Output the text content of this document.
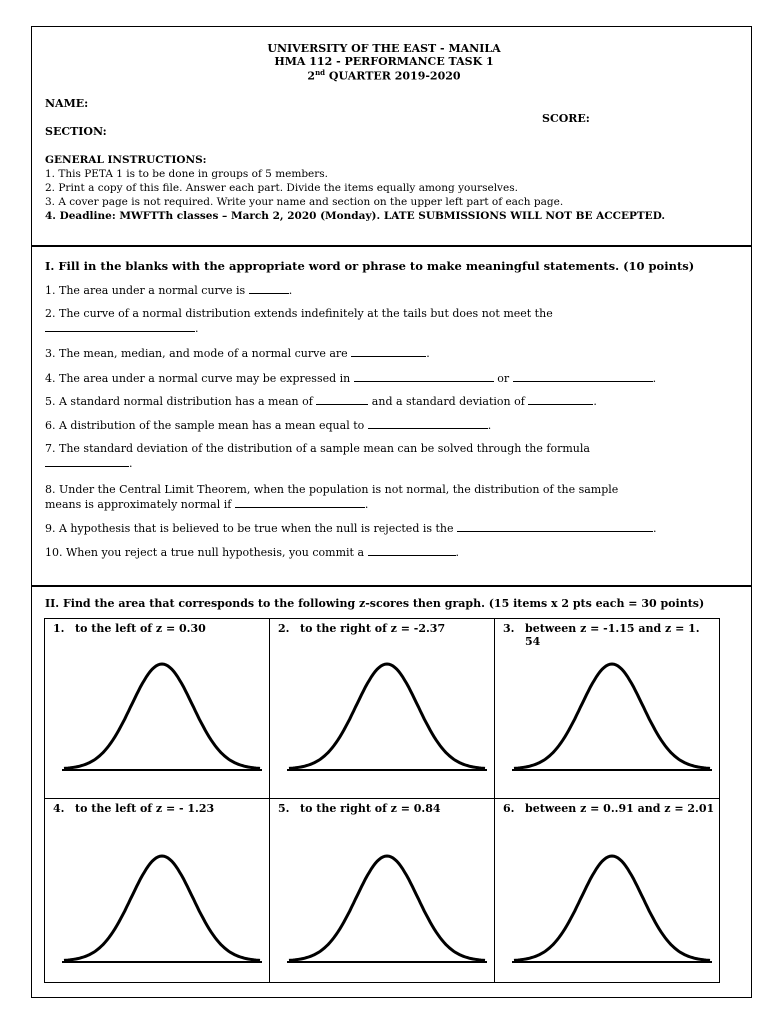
UNIVERSITY OF THE EAST - MANILA
HMA 112 - PERFORMANCE TASK 1
2nd QUARTER 2019-2020
NAME:
SCORE:
SECTION:
GENERAL INSTRUCTIONS:
1. This PETA 1 is to be done in groups of 5 members.
2. Print a copy of this file. Answer each part. Divide the items equally among yourselves.
3. A cover page is not required. Write your name and section on the upper left part of each page.
4. Deadline: MWFTTh classes – March 2, 2020 (Monday). LATE SUBMISSIONS WILL NOT BE ACCEPTED.
I. Fill in the blanks with the appropriate word or phrase to make meaningful statements. (10 points)
1. The area under a normal curve is	.
2. The curve of a normal distribution extends indefinitely at the tails but does not meet the
.
3. The mean, median, and mode of a normal curve are	.
4. The area under a normal curve may be expressed in	or	.
5. A standard normal distribution has a mean of	and a standard deviation of	.
6. A distribution of the sample mean has a mean equal to	.
7. The standard deviation of the distribution of a sample mean can be solved through the formula
.
8. Under the Central Limit Theorem, when the population is not normal, the distribution of the sample
means is approximately normal if	.
9. A hypothesis that is believed to be true when the null is rejected is the	.
10. When you reject a true null hypothesis, you commit a	.
II. Find the area that corresponds to the following z-scores then graph. (15 items x 2 pts each = 30 points)
1. to the left of z = 0.30	2. to the right of z = -2.37	3. between z = -1.15 and z = 1.
54
4. to the left of z = - 1.23	5. to the right of z = 0.84	6. between z = 0..91 and z = 2.01
